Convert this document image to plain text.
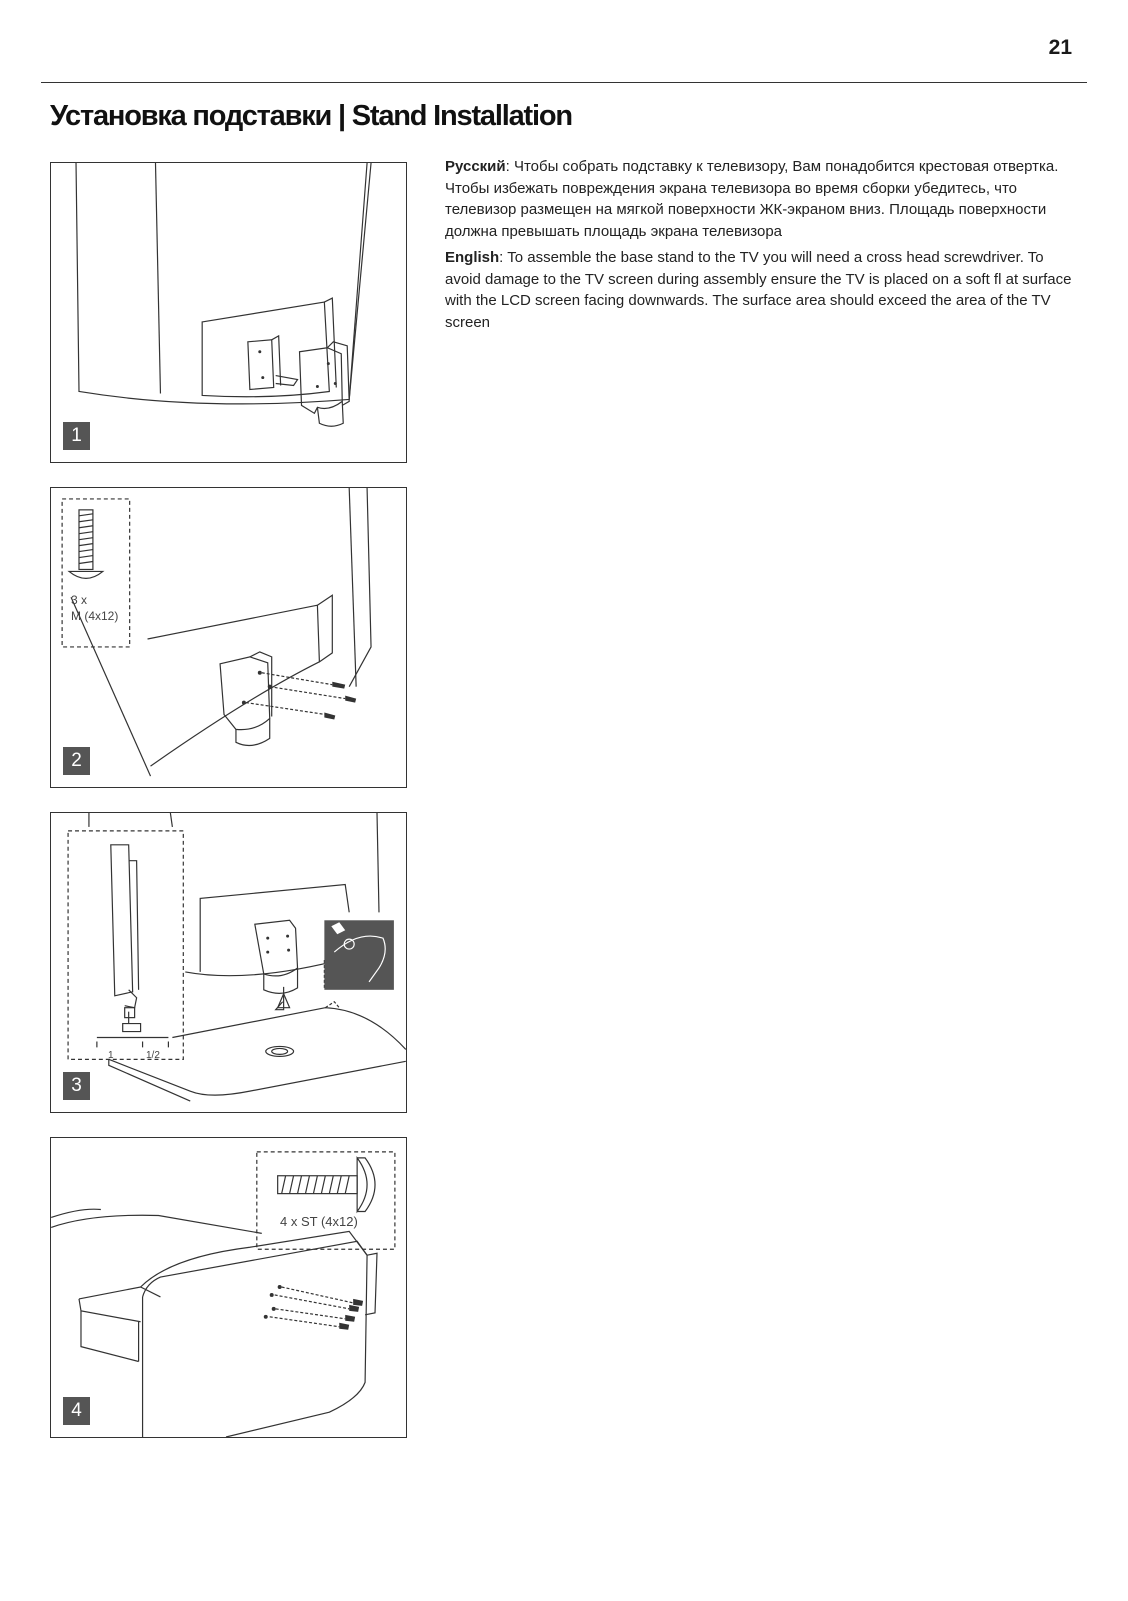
21
Установка подставки | Stand Installation
1
3 x
M (4x12)
2
1	1/2
3
4 x ST (4x12)
4

Русский: Чтобы собрать подставку к телевизору, Вам понадобится крестовая отвертка. Чтобы избежать повреждения экрана телевизора во время сборки убедитесь, что телевизор размещен на мягкой поверхности ЖК-экраном вниз. Площадь поверхности должна превышать площадь экрана телевизора

English: To assemble the base stand to the TV you will need a cross head screwdriver. To avoid damage to the TV screen during assembly ensure the TV is placed on a soft fl at surface with the LCD screen facing downwards. The surface area should exceed the area of the TV screen
